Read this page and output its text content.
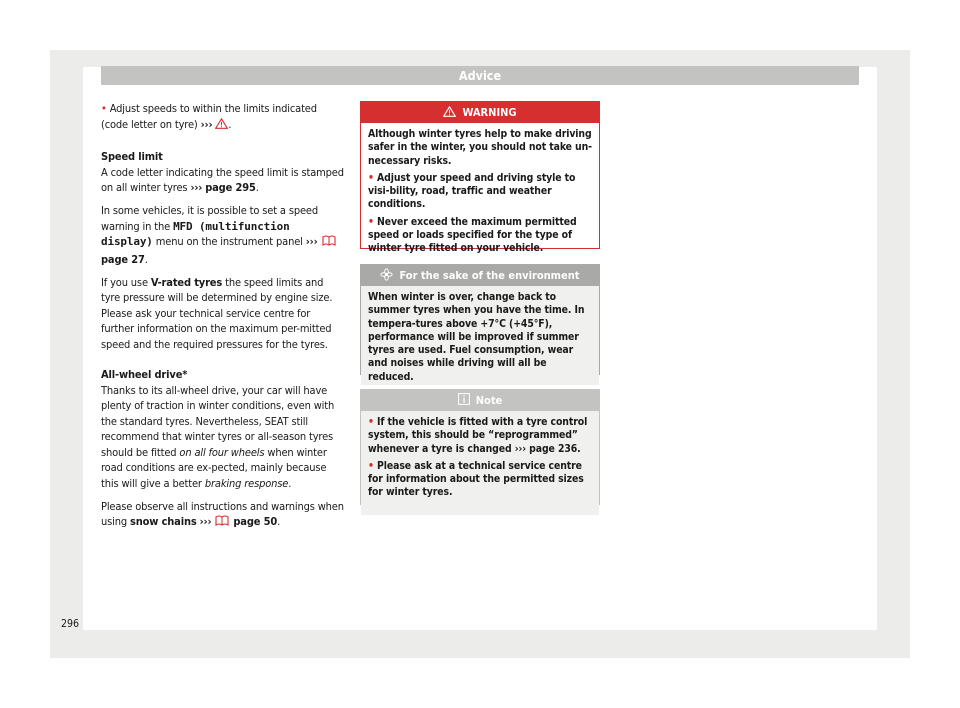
Advice

• Adjust speeds to within the limits indicated (code letter on tyre) ››› .

Speed limit

A code letter indicating the speed limit is stamped on all winter tyres ››› page 295.

In some vehicles, it is possible to set a speed warning in the MFD (multifunction display) menu on the instrument panel ›››  page 27.

If you use V-rated tyres the speed limits and tyre pressure will be determined by engine size. Please ask your technical service centre for further information on the maximum per-mitted speed and the required pressures for the tyres.

All-wheel drive*

Thanks to its all-wheel drive, your car will have plenty of traction in winter conditions, even with the standard tyres. Nevertheless, SEAT still recommend that winter tyres or all-season tyres should be fitted on all four wheels when winter road conditions are ex-pected, mainly because this will give a better braking response.

Please observe all instructions and warnings when using snow chains ››› page 50.

WARNING

Although winter tyres help to make driving safer in the winter, you should not take un-necessary risks.

• Adjust your speed and driving style to visi-bility, road, traffic and weather conditions.

• Never exceed the maximum permitted speed or loads specified for the type of winter tyre fitted on your vehicle.

For the sake of the environment

When winter is over, change back to summer tyres when you have the time. In tempera-tures above +7°C (+45°F), performance will be improved if summer tyres are used. Fuel consumption, wear and noises while driving will all be reduced.

Note

• If the vehicle is fitted with a tyre control system, this should be “reprogrammed” whenever a tyre is changed ››› page 236.

• Please ask at a technical service centre for information about the permitted sizes for winter tyres.

296
